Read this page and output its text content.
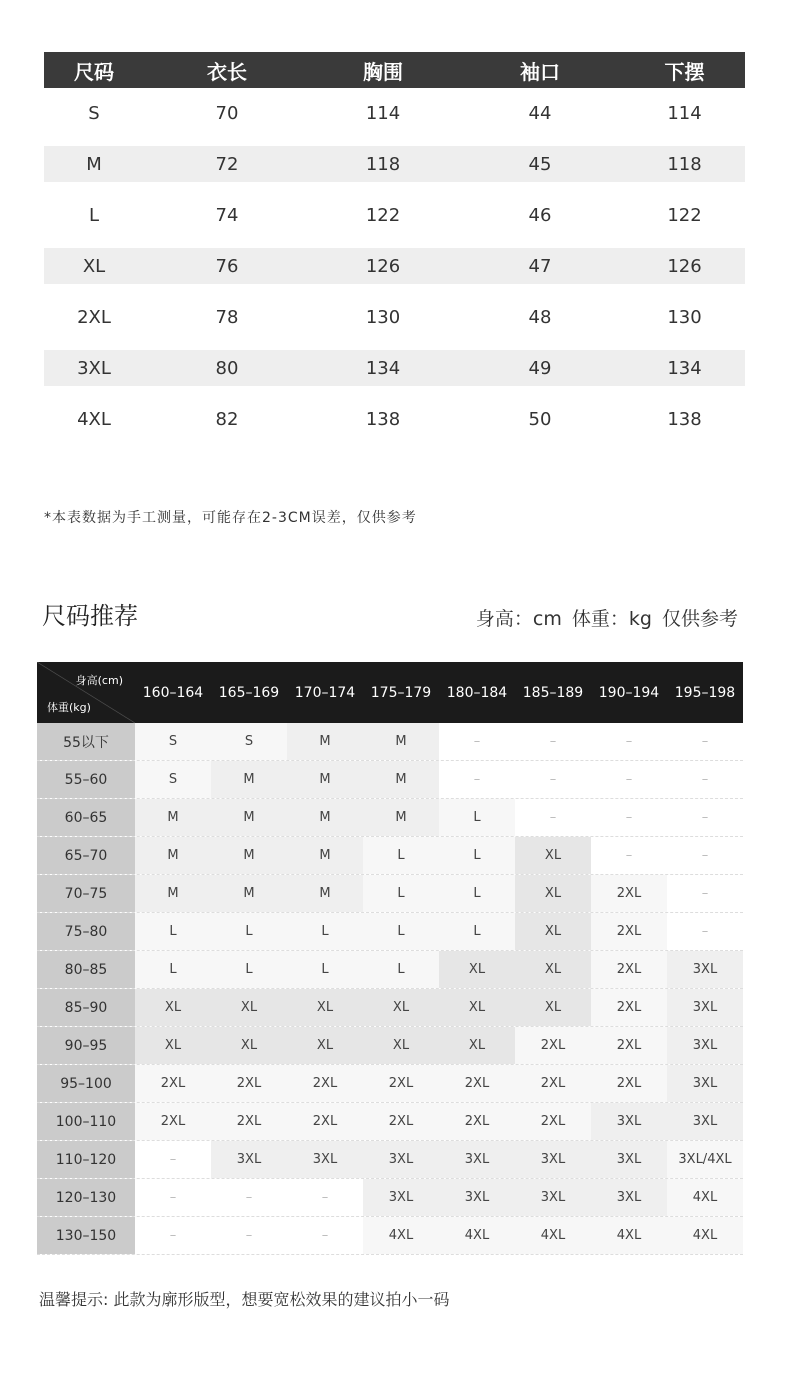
尺码	衣长	胸围	袖口	下摆
S	70	114	44	114
M	72	118	45	118
L	74	122	46	122
XL	76	126	47	126
2XL	78	130	48	130
3XL	80	134	49	134
4XL	82	138	50	138
*本表数据为手工测量，可能存在2-3CM误差，仅供参考
尺码推荐	身高：cm 体重：kg 仅供参考
身高(cm)
体重(kg)
160–164	165–169	170–174	175–179	180–184	185–189	190–194	195–198
55以下	S	S	M	M	–	–	–	–
55–60	S	M	M	M	–	–	–	–
60–65	M	M	M	M	L	–	–	–
65–70	M	M	M	L	L	XL	–	–
70–75	M	M	M	L	L	XL	2XL	–
75–80	L	L	L	L	L	XL	2XL	–
80–85	L	L	L	L	XL	XL	2XL	3XL
85–90	XL	XL	XL	XL	XL	XL	2XL	3XL
90–95	XL	XL	XL	XL	XL	2XL	2XL	3XL
95–100	2XL	2XL	2XL	2XL	2XL	2XL	2XL	3XL
100–110	2XL	2XL	2XL	2XL	2XL	2XL	3XL	3XL
110–120	–	3XL	3XL	3XL	3XL	3XL	3XL	3XL/4XL
120–130	–	–	–	3XL	3XL	3XL	3XL	4XL
130–150	–	–	–	4XL	4XL	4XL	4XL	4XL
温馨提示: 此款为廓形版型，想要宽松效果的建议拍小一码
